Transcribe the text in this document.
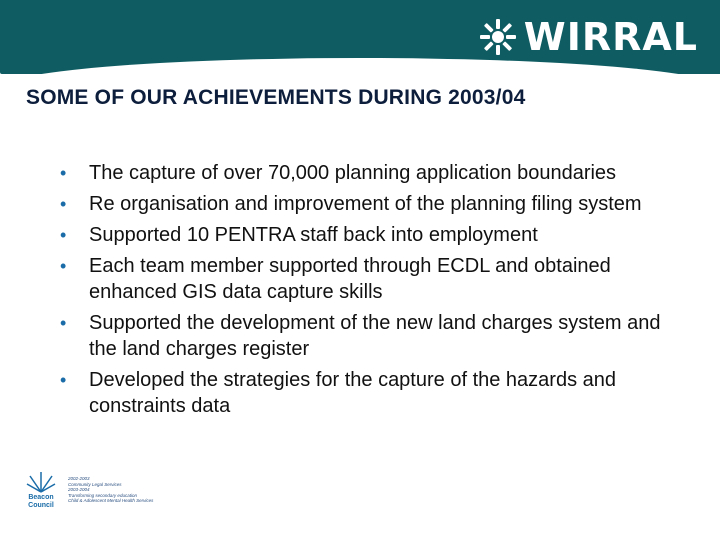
WIRRAL
SOME OF OUR ACHIEVEMENTS DURING 2003/04
• The capture of over 70,000 planning application boundaries
• Re organisation and improvement of the planning filing system
• Supported 10 PENTRA staff back into employment
• Each team member supported through ECDL and obtained enhanced GIS data capture skills
• Supported the development of the new land charges system and the land charges register
• Developed the strategies for the capture of the hazards and constraints data
Beacon
Council
2002-2003
Community Legal Services
2003-2004
Transforming secondary education
Child & Adolescent Mental Health Services
